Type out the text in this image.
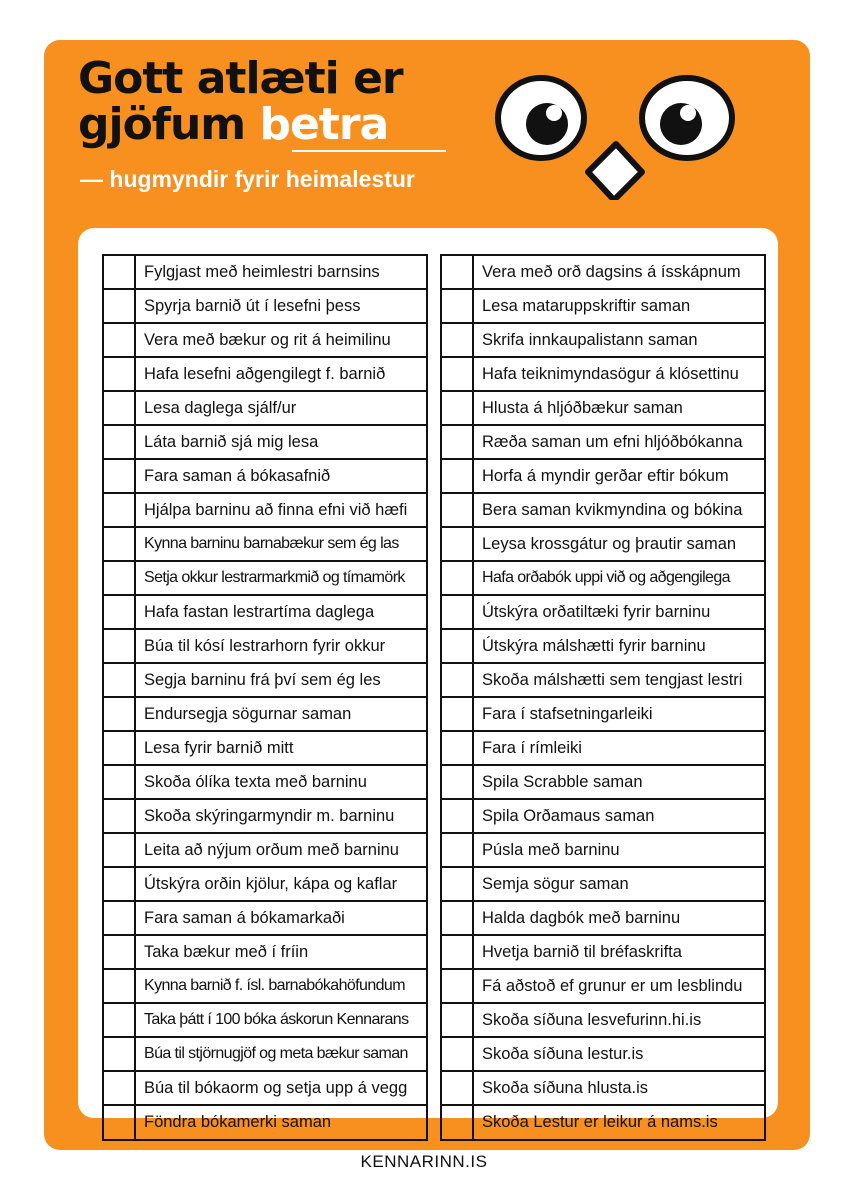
Gott atlæti er
gjöfum betra

— hugmyndir fyrir heimalestur

Fylgjast með heimlestri barnsins
Spyrja barnið út í lesefni þess
Vera með bækur og rit á heimilinu
Hafa lesefni aðgengilegt f. barnið
Lesa daglega sjálf/ur
Láta barnið sjá mig lesa
Fara saman á bókasafnið
Hjálpa barninu að finna efni við hæfi
Kynna barninu barnabækur sem ég las
Setja okkur lestrarmarkmið og tímamörk
Hafa fastan lestrartíma daglega
Búa til kósí lestrarhorn fyrir okkur
Segja barninu frá því sem ég les
Endursegja sögurnar saman
Lesa fyrir barnið mitt
Skoða ólíka texta með barninu
Skoða skýringarmyndir m. barninu
Leita að nýjum orðum með barninu
Útskýra orðin kjölur, kápa og kaflar
Fara saman á bókamarkaði
Taka bækur með í fríin
Kynna barnið f. ísl. barnabókahöfundum
Taka þátt í 100 bóka áskorun Kennarans
Búa til stjörnugjöf og meta bækur saman
Búa til bókaorm og setja upp á vegg
Föndra bókamerki saman
Vera með orð dagsins á ísskápnum
Lesa mataruppskriftir saman
Skrifa innkaupalistann saman
Hafa teiknimyndasögur á klósettinu
Hlusta á hljóðbækur saman
Ræða saman um efni hljóðbókanna
Horfa á myndir gerðar eftir bókum
Bera saman kvikmyndina og bókina
Leysa krossgátur og þrautir saman
Hafa orðabók uppi við og aðgengilega
Útskýra orðatiltæki fyrir barninu
Útskýra málshætti fyrir barninu
Skoða málshætti sem tengjast lestri
Fara í stafsetningarleiki
Fara í rímleiki
Spila Scrabble saman
Spila Orðamaus saman
Púsla með barninu
Semja sögur saman
Halda dagbók með barninu
Hvetja barnið til bréfaskrifta
Fá aðstoð ef grunur er um lesblindu
Skoða síðuna lesvefurinn.hi.is
Skoða síðuna lestur.is
Skoða síðuna hlusta.is
Skoða Lestur er leikur á nams.is
KENNARINN.IS
